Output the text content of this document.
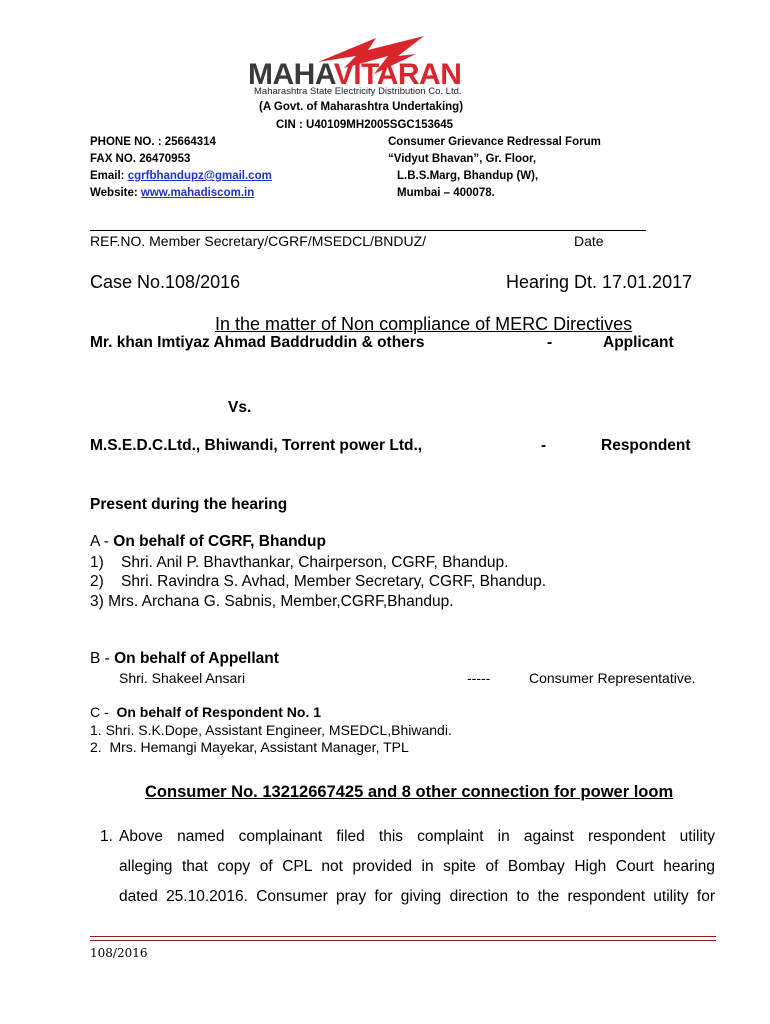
MAHAVITARAN
Maharashtra State Electricity Distribution Co. Ltd.
(A Govt. of Maharashtra Undertaking)
CIN : U40109MH2005SGC153645
PHONE NO. : 25664314
FAX NO. 26470953
Email: cgrfbhandupz@gmail.com
Website: www.mahadiscom.in
Consumer Grievance Redressal Forum
“Vidyut Bhavan”, Gr. Floor,
L.B.S.Marg, Bhandup (W),
Mumbai – 400078.
REF.NO. Member Secretary/CGRF/MSEDCL/BNDUZ/	Date
Case No.108/2016	Hearing Dt. 17.01.2017
In the matter of Non compliance of MERC Directives
Mr. khan Imtiyaz Ahmad Baddruddin & others	-	Applicant
Vs.
M.S.E.D.C.Ltd., Bhiwandi, Torrent power Ltd.,	-	Respondent
Present during the hearing
A - On behalf of CGRF, Bhandup
1)    Shri. Anil P. Bhavthankar, Chairperson, CGRF, Bhandup.
2)    Shri. Ravindra S. Avhad, Member Secretary, CGRF, Bhandup.
3) Mrs. Archana G. Sabnis, Member,CGRF,Bhandup.
B - On behalf of Appellant
Shri. Shakeel Ansari	-----	Consumer Representative.
C -  On behalf of Respondent No. 1
1. Shri. S.K.Dope, Assistant Engineer, MSEDCL,Bhiwandi.
2.  Mrs. Hemangi Mayekar, Assistant Manager, TPL
Consumer No. 13212667425 and 8 other connection for power loom
1. Above  named  complainant  filed  this  complaint  in  against  respondent  utility
alleging  that  copy  of  CPL  not  provided  in  spite  of  Bombay  High  Court  hearing
dated 25.10.2016. Consumer pray for giving direction to the respondent utility for
108/2016
